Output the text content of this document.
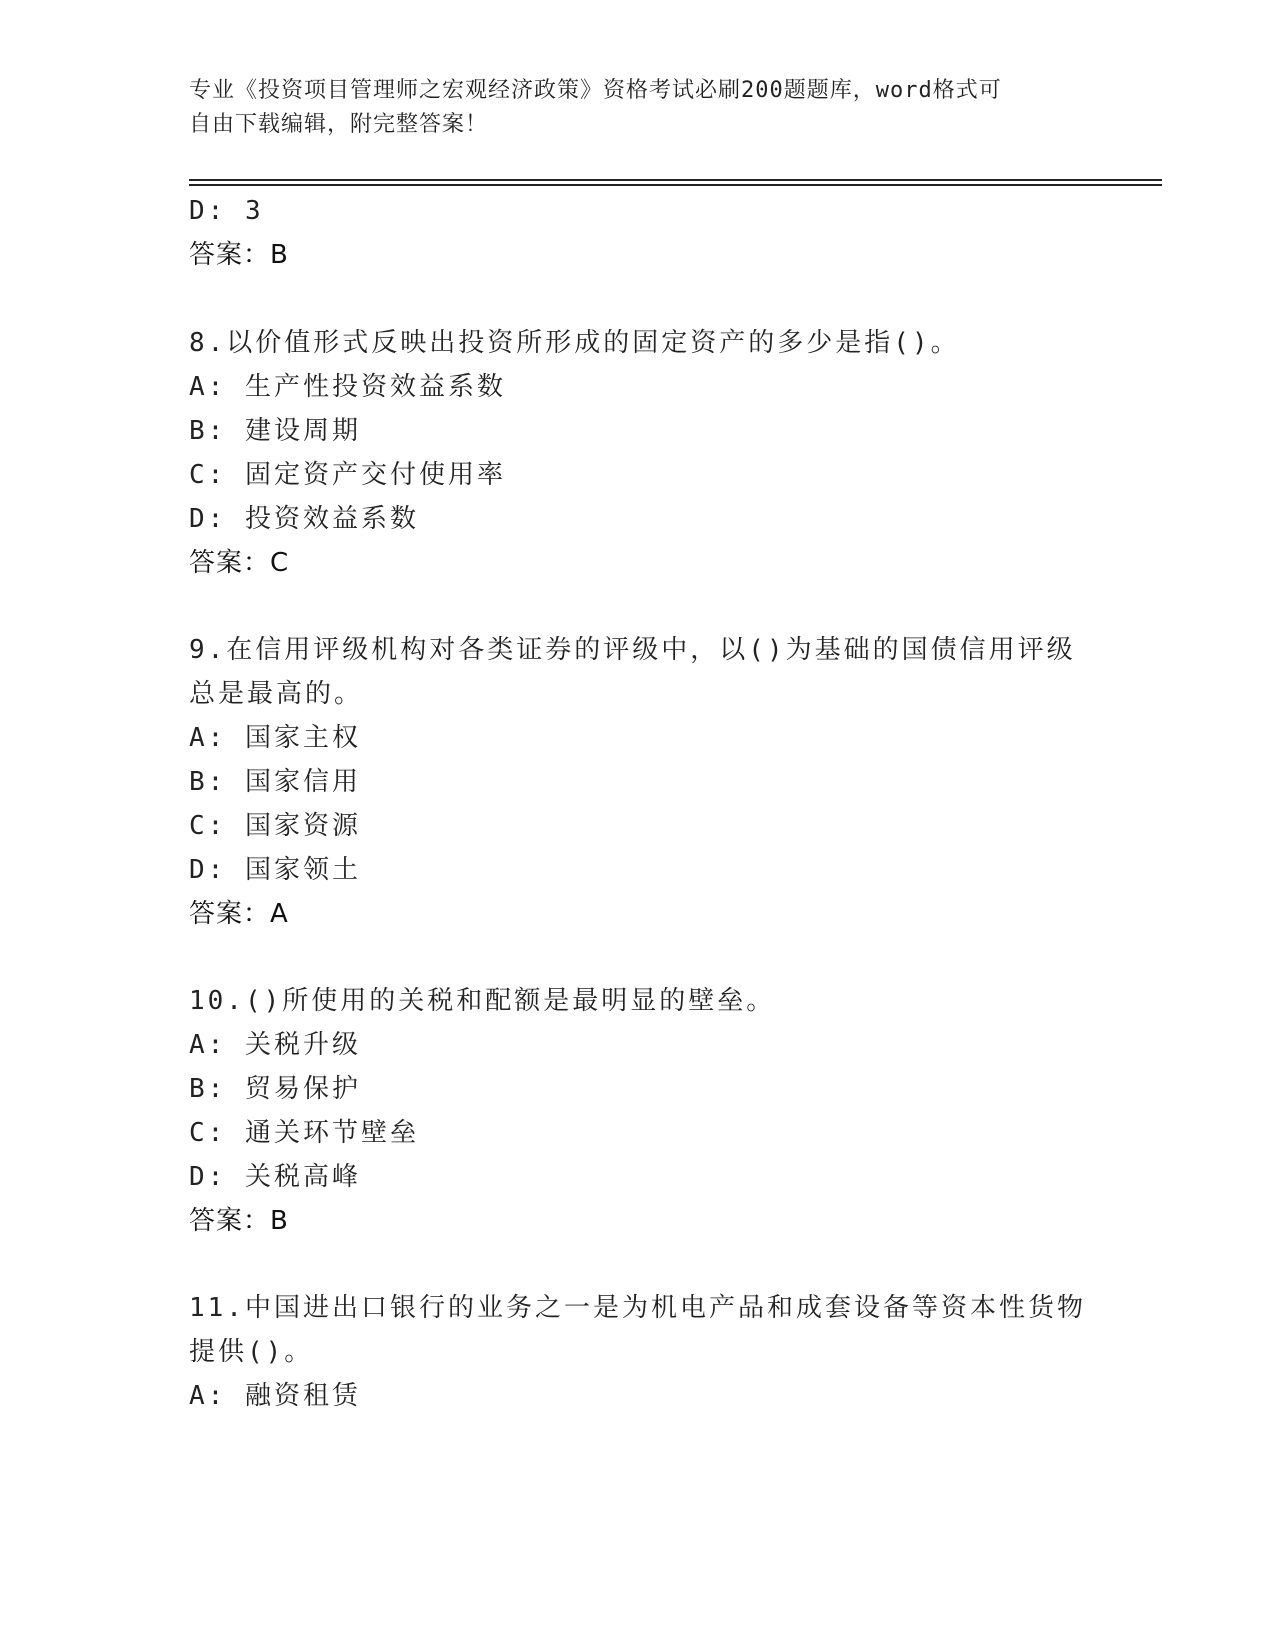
专业《投资项目管理师之宏观经济政策》资格考试必刷200题题库，word格式可
自由下载编辑，附完整答案！
D: 3
答案：B
8.以价值形式反映出投资所形成的固定资产的多少是指()。
A: 生产性投资效益系数
B: 建设周期
C: 固定资产交付使用率
D: 投资效益系数
答案：C
9.在信用评级机构对各类证券的评级中，以()为基础的国债信用评级
总是最高的。
A: 国家主权
B: 国家信用
C: 国家资源
D: 国家领土
答案：A
10.()所使用的关税和配额是最明显的壁垒。
A: 关税升级
B: 贸易保护
C: 通关环节壁垒
D: 关税高峰
答案：B
11.中国进出口银行的业务之一是为机电产品和成套设备等资本性货物
提供()。
A: 融资租赁
